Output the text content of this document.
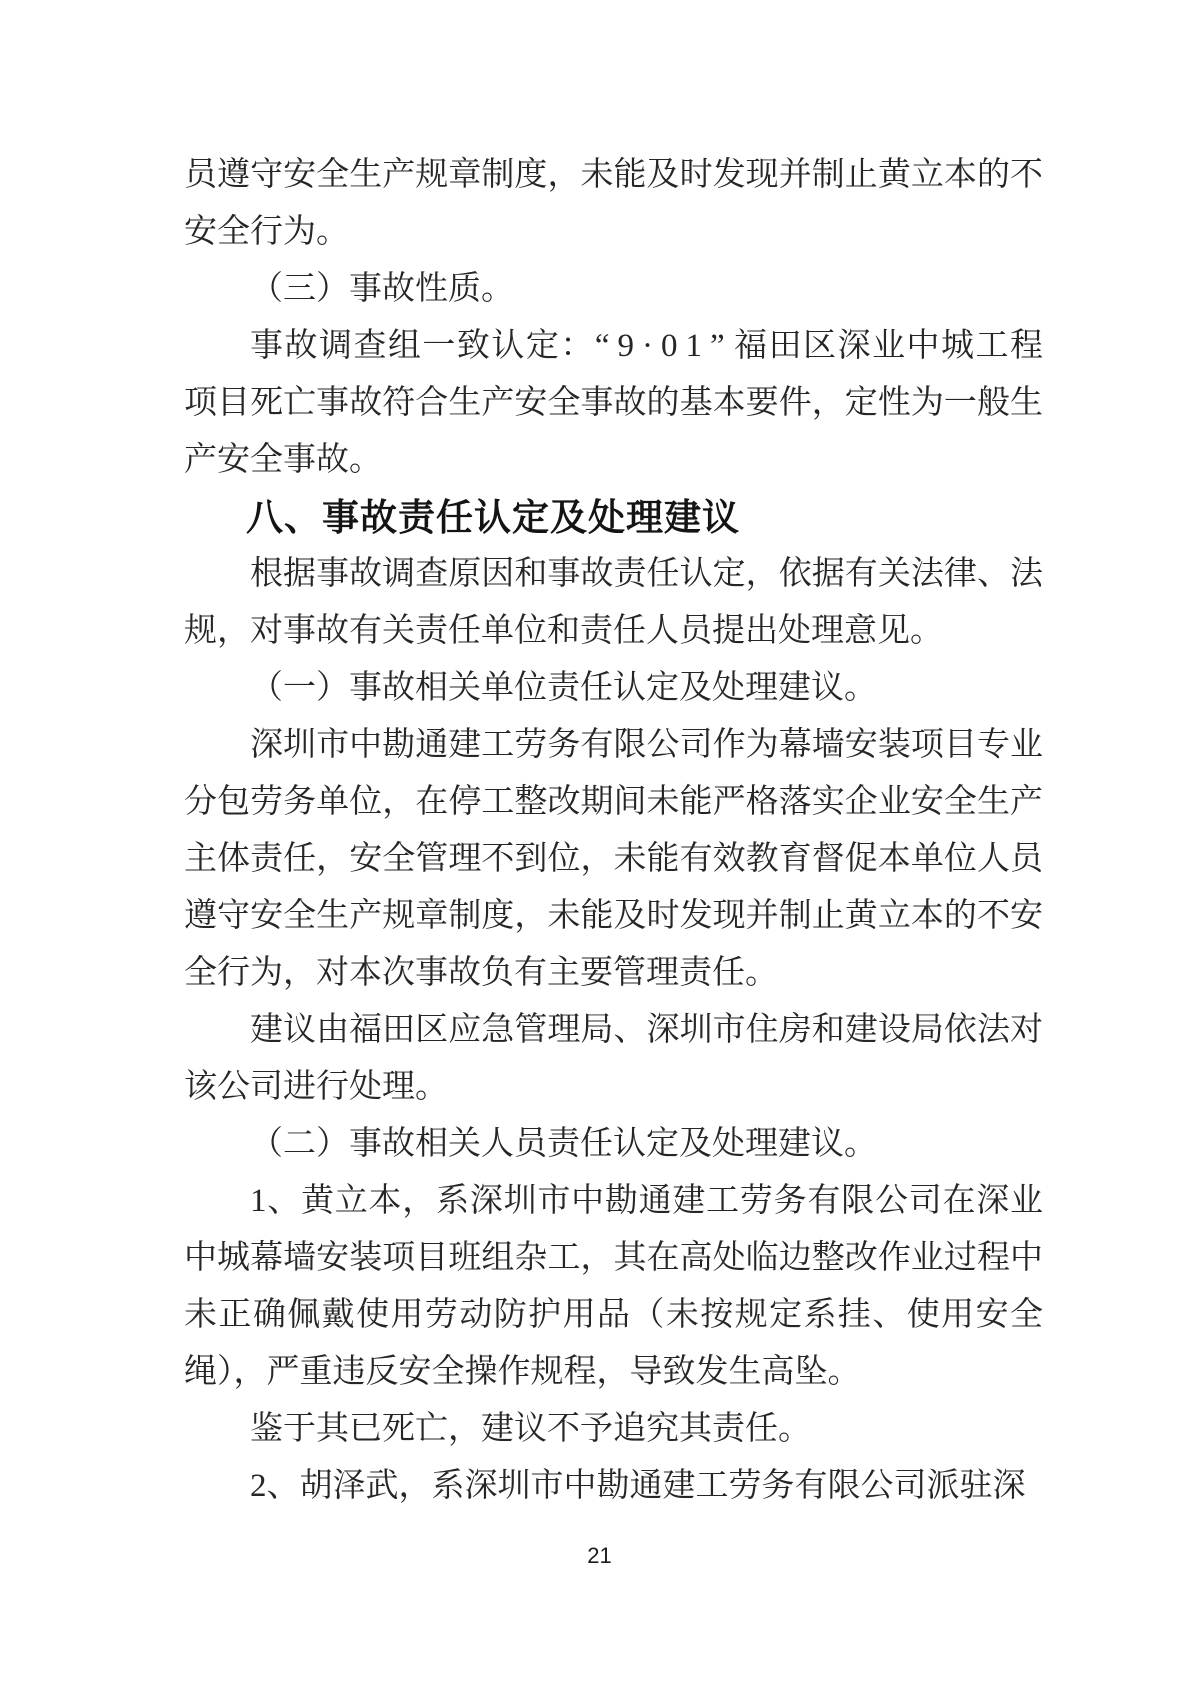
员遵守安全生产规章制度，未能及时发现并制止黄立本的不安全行为。

（三）事故性质。

事故调查组一致认定：“9·01”福田区深业中城工程项目死亡事故符合生产安全事故的基本要件，定性为一般生产安全事故。

八、事故责任认定及处理建议

根据事故调查原因和事故责任认定，依据有关法律、法规，对事故有关责任单位和责任人员提出处理意见。

（一）事故相关单位责任认定及处理建议。

深圳市中勘通建工劳务有限公司作为幕墙安装项目专业分包劳务单位，在停工整改期间未能严格落实企业安全生产主体责任，安全管理不到位，未能有效教育督促本单位人员遵守安全生产规章制度，未能及时发现并制止黄立本的不安全行为，对本次事故负有主要管理责任。

建议由福田区应急管理局、深圳市住房和建设局依法对该公司进行处理。

（二）事故相关人员责任认定及处理建议。

1、黄立本，系深圳市中勘通建工劳务有限公司在深业中城幕墙安装项目班组杂工，其在高处临边整改作业过程中未正确佩戴使用劳动防护用品（未按规定系挂、使用安全绳），严重违反安全操作规程，导致发生高坠。

鉴于其已死亡，建议不予追究其责任。

2、胡泽武，系深圳市中勘通建工劳务有限公司派驻深

21
